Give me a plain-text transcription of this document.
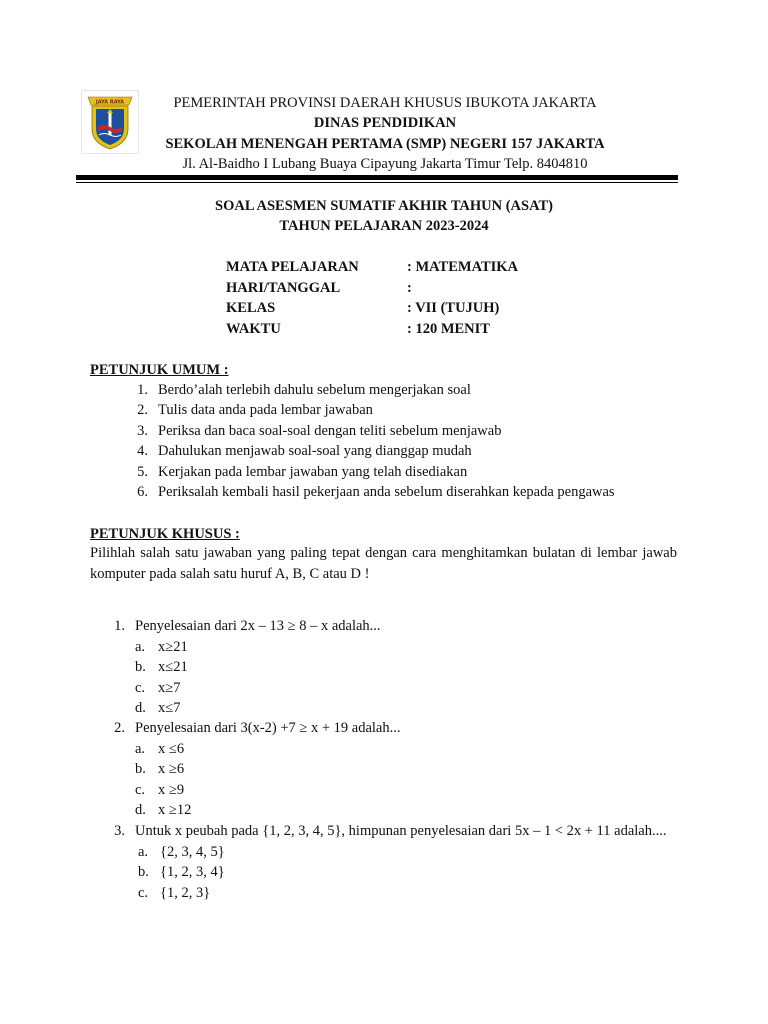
JAYA RAYA	PEMERINTAH PROVINSI DAERAH KHUSUS IBUKOTA JAKARTA
DINAS PENDIDIKAN
SEKOLAH MENENGAH PERTAMA (SMP) NEGERI 157 JAKARTA
Jl. Al-Baidho I Lubang Buaya Cipayung Jakarta Timur Telp. 8404810
SOAL ASESMEN SUMATIF AKHIR TAHUN (ASAT)
TAHUN PELAJARAN 2023-2024
MATA PELAJARAN	: MATEMATIKA
HARI/TANGGAL	:
KELAS	: VII (TUJUH)
WAKTU	: 120 MENIT
PETUNJUK UMUM :
1. Berdo’alah terlebih dahulu sebelum mengerjakan soal
2. Tulis data anda pada lembar jawaban
3. Periksa dan baca soal-soal dengan teliti sebelum menjawab
4. Dahulukan menjawab soal-soal yang dianggap mudah
5. Kerjakan pada lembar jawaban yang telah disediakan
6. Periksalah kembali hasil pekerjaan anda sebelum diserahkan kepada pengawas
PETUNJUK KHUSUS :
Pilihlah salah satu jawaban yang paling tepat dengan cara menghitamkan bulatan di lembar jawab komputer pada salah satu huruf A, B, C atau D !
1. Penyelesaian dari 2x – 13 ≥ 8 – x adalah...
a. x≥21
b. x≤21
c. x≥7
d. x≤7
2. Penyelesaian dari 3(x-2) +7 ≥ x + 19 adalah...
a. x ≤6
b. x ≥6
c. x ≥9
d. x ≥12
3. Untuk x peubah pada {1, 2, 3, 4, 5}, himpunan penyelesaian dari 5x – 1 < 2x + 11 adalah....
a. {2, 3, 4, 5}
b. {1, 2, 3, 4}
c. {1, 2, 3}
